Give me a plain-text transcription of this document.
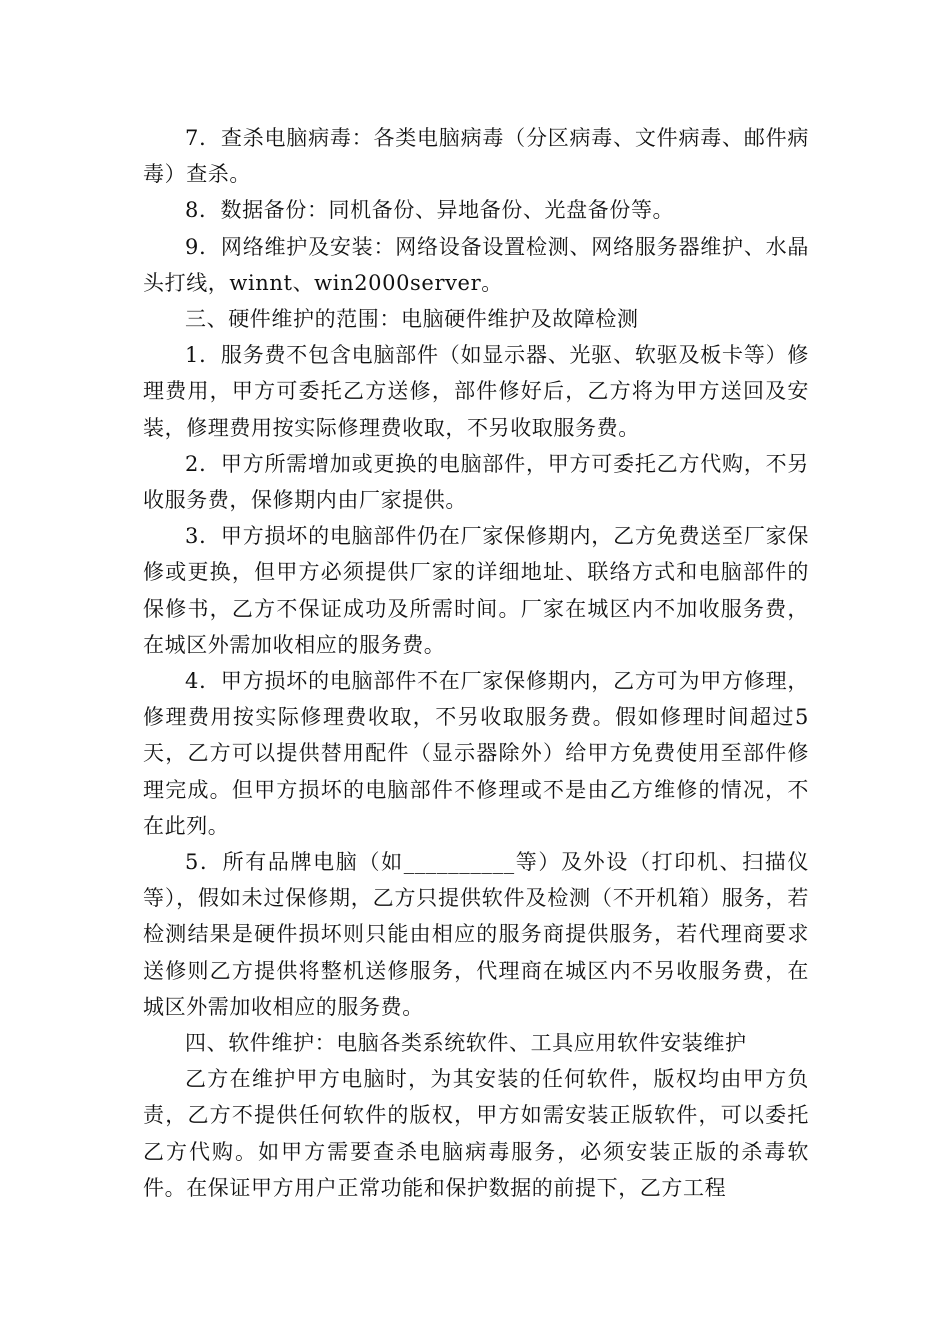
7．查杀电脑病毒：各类电脑病毒（分区病毒、文件病毒、邮件病毒）查杀。

8．数据备份：同机备份、异地备份、光盘备份等。

9．网络维护及安装：网络设备设置检测、网络服务器维护、水晶头打线，winnt、win2000server。

三、硬件维护的范围：电脑硬件维护及故障检测

1．服务费不包含电脑部件（如显示器、光驱、软驱及板卡等）修理费用，甲方可委托乙方送修，部件修好后，乙方将为甲方送回及安装，修理费用按实际修理费收取，不另收取服务费。

2．甲方所需增加或更换的电脑部件，甲方可委托乙方代购，不另收服务费，保修期内由厂家提供。

3．甲方损坏的电脑部件仍在厂家保修期内，乙方免费送至厂家保修或更换，但甲方必须提供厂家的详细地址、联络方式和电脑部件的保修书，乙方不保证成功及所需时间。厂家在城区内不加收服务费，在城区外需加收相应的服务费。

4．甲方损坏的电脑部件不在厂家保修期内，乙方可为甲方修理，修理费用按实际修理费收取，不另收取服务费。假如修理时间超过5天，乙方可以提供替用配件（显示器除外）给甲方免费使用至部件修理完成。但甲方损坏的电脑部件不修理或不是由乙方维修的情况，不在此列。

5．所有品牌电脑（如__________等）及外设（打印机、扫描仪等），假如未过保修期，乙方只提供软件及检测（不开机箱）服务，若检测结果是硬件损坏则只能由相应的服务商提供服务，若代理商要求送修则乙方提供将整机送修服务，代理商在城区内不另收服务费，在城区外需加收相应的服务费。

四、软件维护：电脑各类系统软件、工具应用软件安装维护

乙方在维护甲方电脑时，为其安装的任何软件，版权均由甲方负责，乙方不提供任何软件的版权，甲方如需安装正版软件，可以委托乙方代购。如甲方需要查杀电脑病毒服务，必须安装正版的杀毒软件。在保证甲方用户正常功能和保护数据的前提下，乙方工程
